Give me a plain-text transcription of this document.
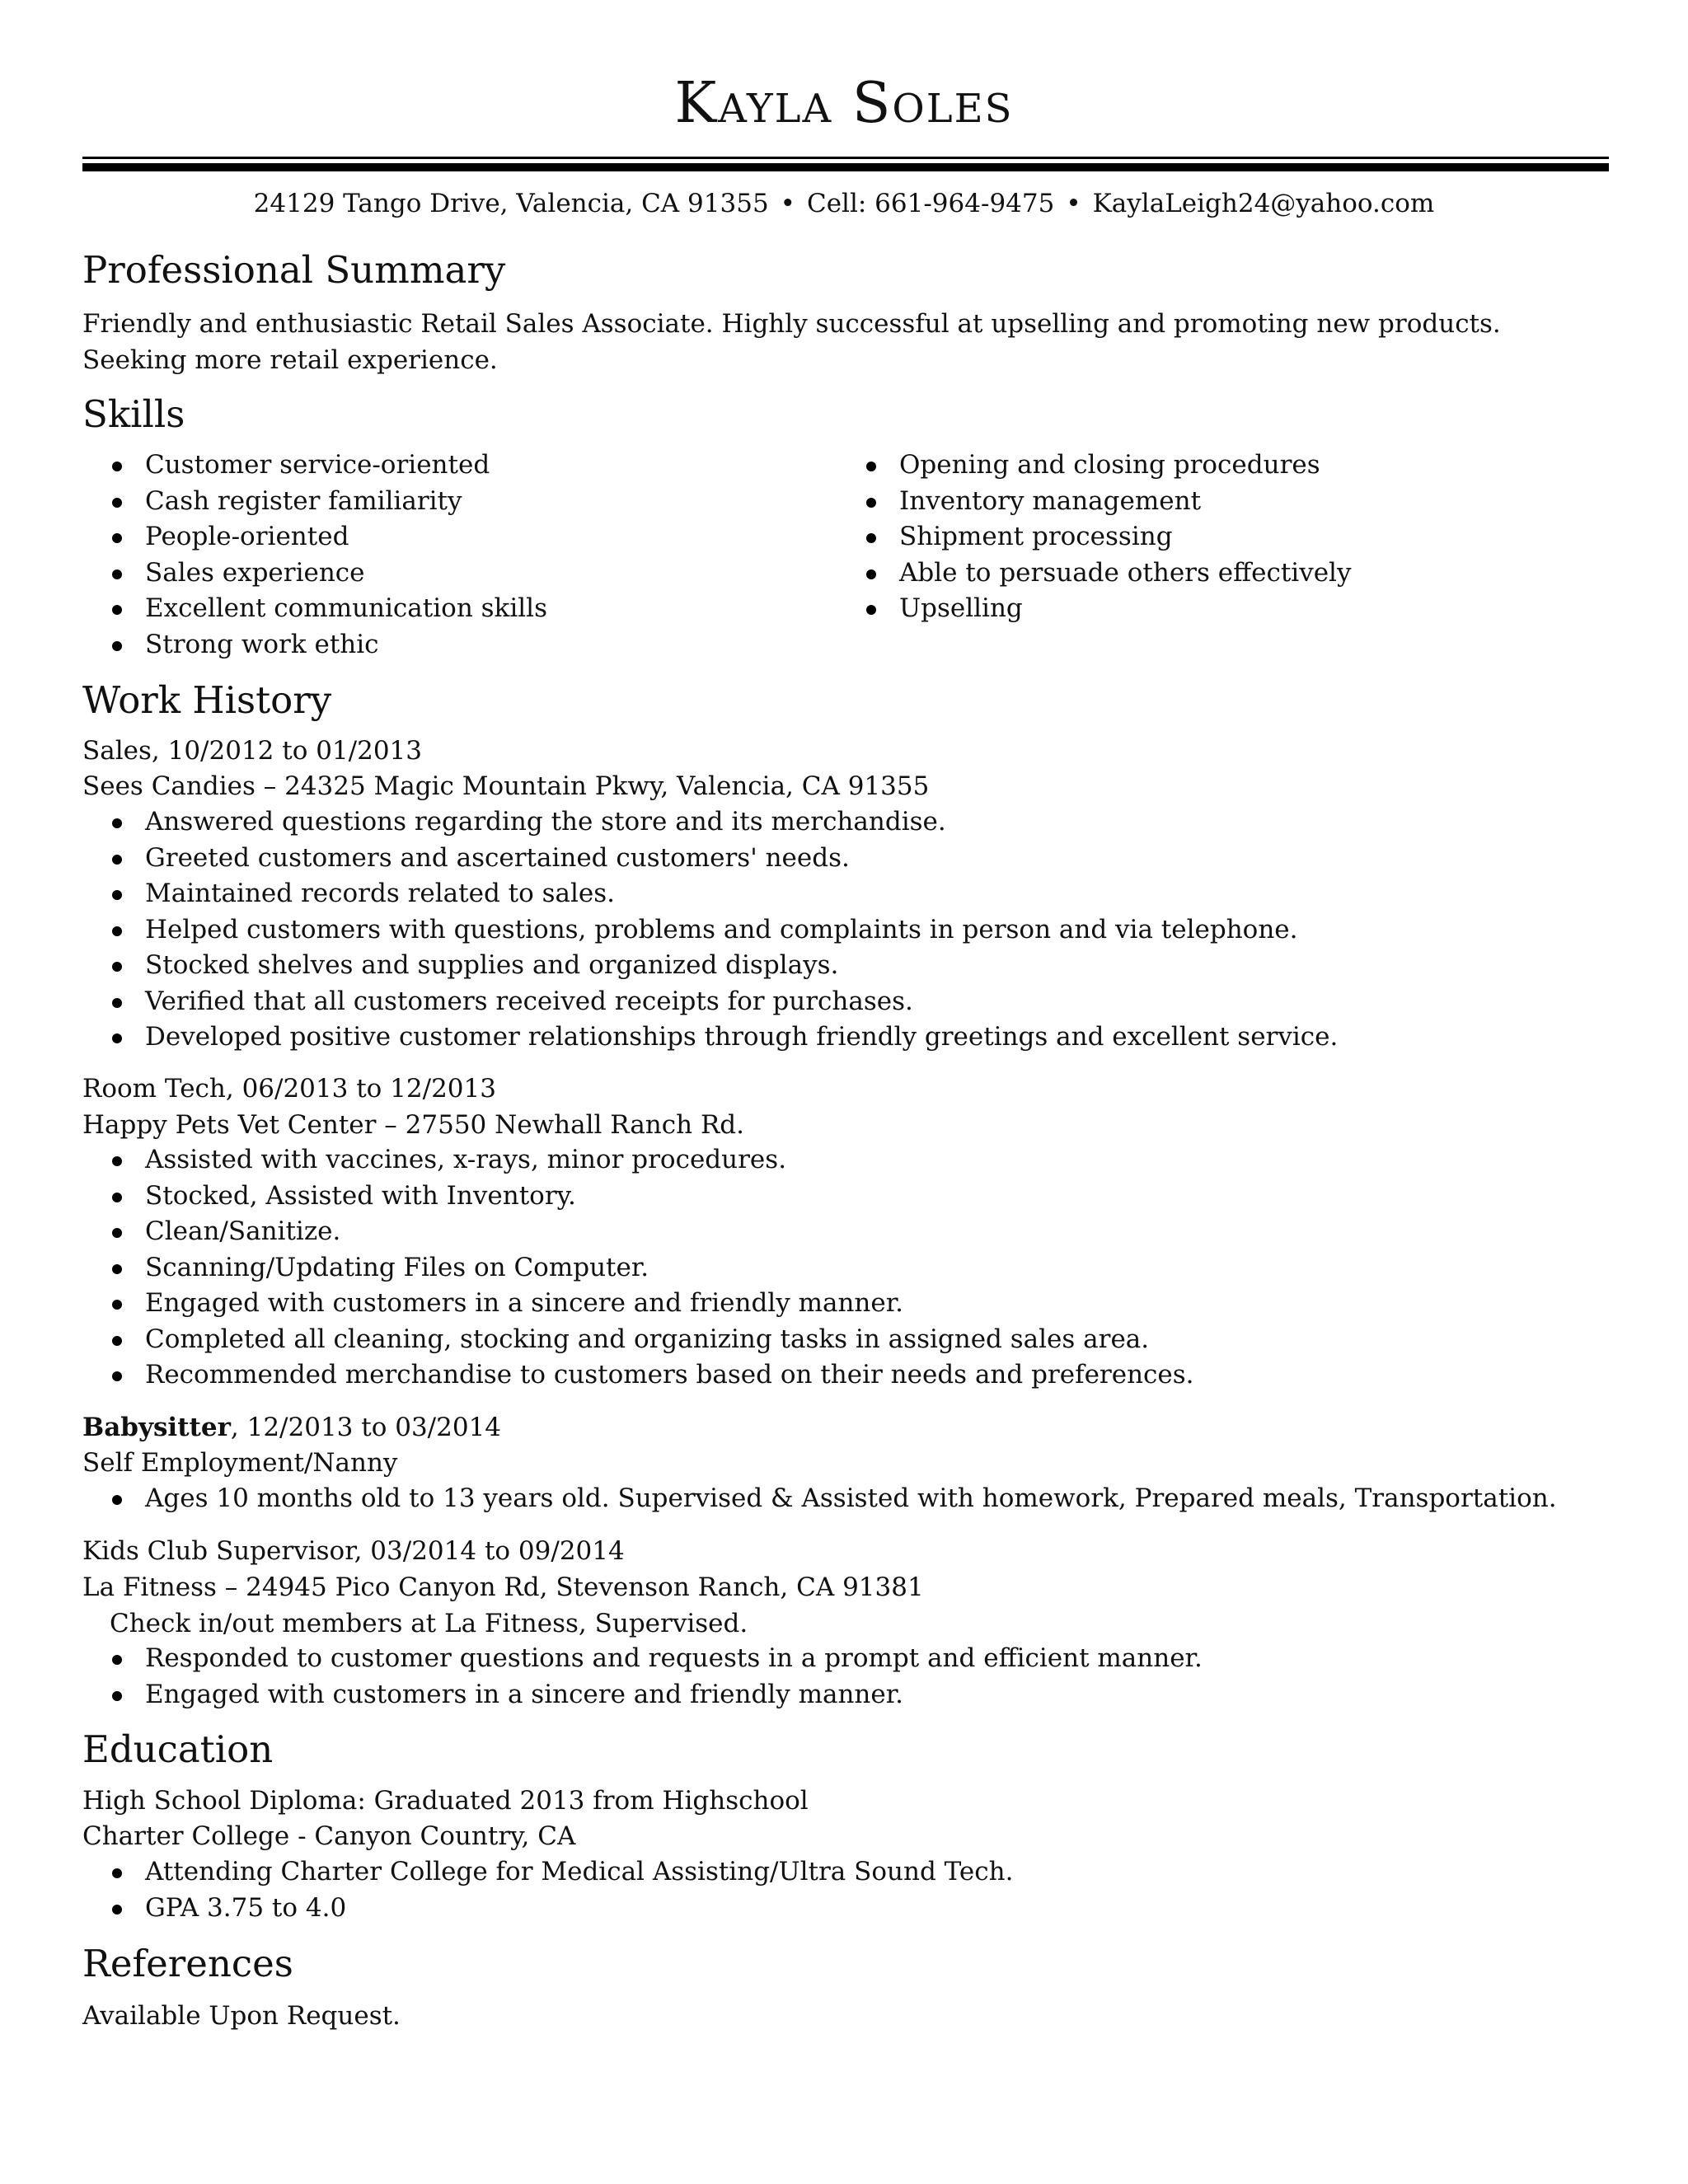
Kayla Soles
24129 Tango Drive, Valencia, CA 91355 • Cell: 661-964-9475 • KaylaLeigh24@yahoo.com
Professional Summary
Friendly and enthusiastic Retail Sales Associate. Highly successful at upselling and promoting new products. Seeking more retail experience.
Skills
Customer service-oriented
Cash register familiarity
People-oriented
Sales experience
Excellent communication skills
Strong work ethic
Opening and closing procedures
Inventory management
Shipment processing
Able to persuade others effectively
Upselling
Work History
Sales, 10/2012 to 01/2013
Sees Candies – 24325 Magic Mountain Pkwy, Valencia, CA 91355
Answered questions regarding the store and its merchandise.
Greeted customers and ascertained customers' needs.
Maintained records related to sales.
Helped customers with questions, problems and complaints in person and via telephone.
Stocked shelves and supplies and organized displays.
Verified that all customers received receipts for purchases.
Developed positive customer relationships through friendly greetings and excellent service.
Room Tech, 06/2013 to 12/2013
Happy Pets Vet Center – 27550 Newhall Ranch Rd.
Assisted with vaccines, x-rays, minor procedures.
Stocked, Assisted with Inventory.
Clean/Sanitize.
Scanning/Updating Files on Computer.
Engaged with customers in a sincere and friendly manner.
Completed all cleaning, stocking and organizing tasks in assigned sales area.
Recommended merchandise to customers based on their needs and preferences.
Babysitter, 12/2013 to 03/2014
Self Employment/Nanny
Ages 10 months old to 13 years old. Supervised & Assisted with homework, Prepared meals, Transportation.
Kids Club Supervisor, 03/2014 to 09/2014
La Fitness – 24945 Pico Canyon Rd, Stevenson Ranch, CA 91381
Check in/out members at La Fitness, Supervised.
Responded to customer questions and requests in a prompt and efficient manner.
Engaged with customers in a sincere and friendly manner.
Education
High School Diploma: Graduated 2013 from Highschool
Charter College - Canyon Country, CA
Attending Charter College for Medical Assisting/Ultra Sound Tech.
GPA 3.75 to 4.0
References
Available Upon Request.
